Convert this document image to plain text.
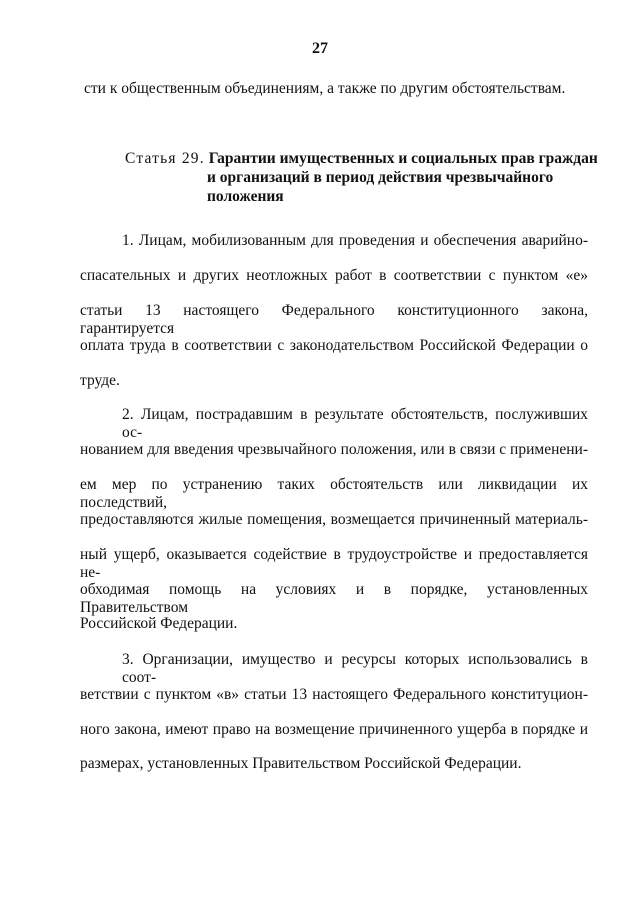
27
сти к общественным объединениям, а также по другим обстоятельствам.
Статья 29. Гарантии имущественных и социальных прав граждан
и организаций в период действия чрезвычайного
положения
1. Лицам, мобилизованным для проведения и обеспечения аварийно-
спасательных и других неотложных работ в соответствии с пунктом «е»
статьи 13 настоящего Федерального конституционного закона, гарантируется
оплата труда в соответствии с законодательством Российской Федерации о
труде.
2. Лицам, пострадавшим в результате обстоятельств, послуживших ос-
нованием для введения чрезвычайного положения, или в связи с применени-
ем мер по устранению таких обстоятельств или ликвидации их последствий,
предоставляются жилые помещения, возмещается причиненный материаль-
ный ущерб, оказывается содействие в трудоустройстве и предоставляется не-
обходимая помощь на условиях и в порядке, установленных Правительством
Российской Федерации.
3. Организации, имущество и ресурсы которых использовались в соот-
ветствии с пунктом «в» статьи 13 настоящего Федерального конституцион-
ного закона, имеют право на возмещение причиненного ущерба в порядке и
размерах, установленных Правительством Российской Федерации.
